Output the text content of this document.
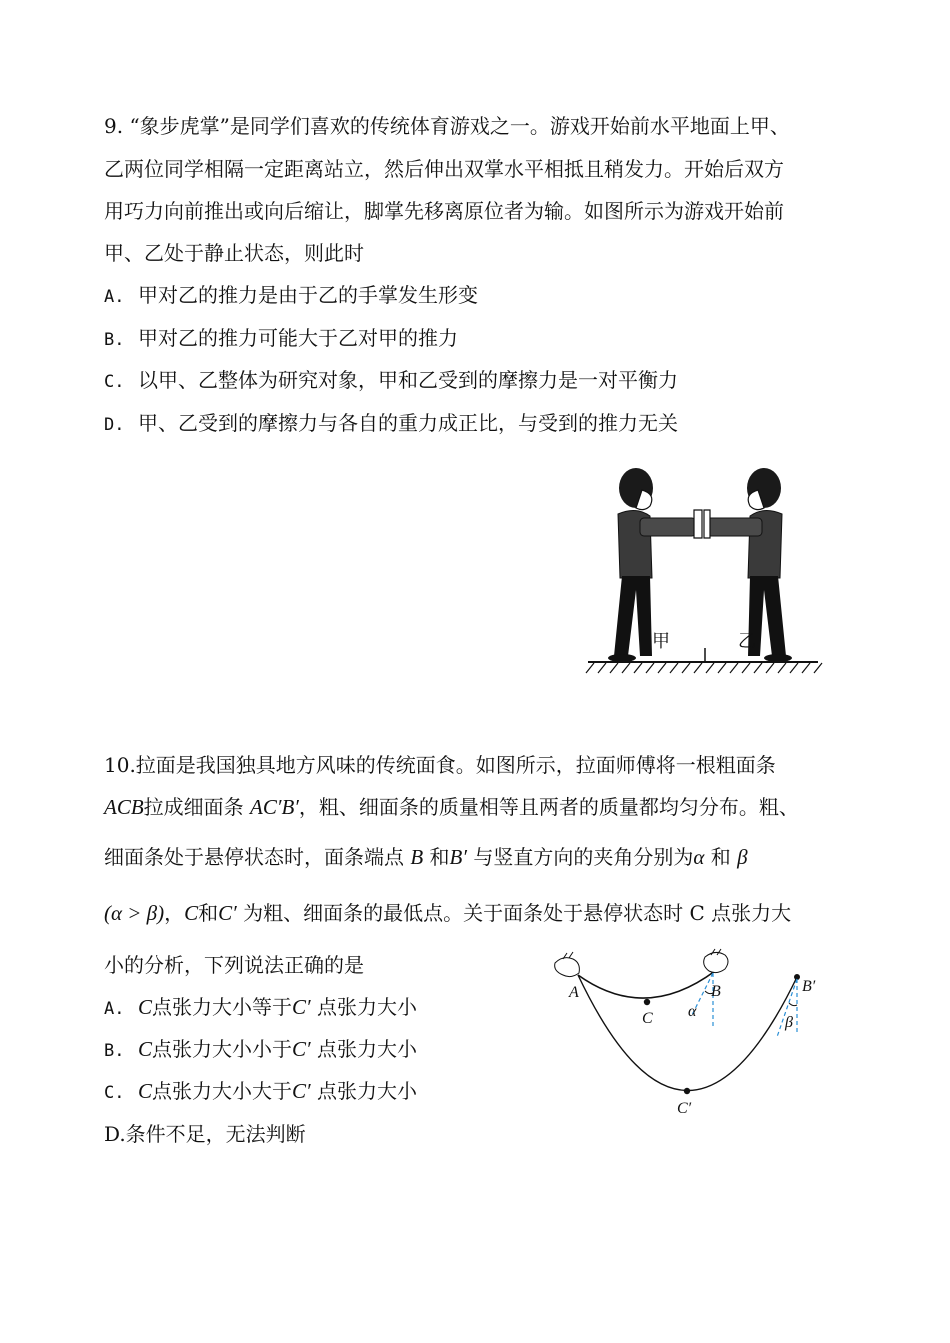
9. “象步虎掌”是同学们喜欢的传统体育游戏之一。游戏开始前水平地面上甲、
乙两位同学相隔一定距离站立，然后伸出双掌水平相抵且稍发力。开始后双方
用巧力向前推出或向后缩让，脚掌先移离原位者为输。如图所示为游戏开始前
甲、乙处于静止状态，则此时
A. 甲对乙的推力是由于乙的手掌发生形变
B. 甲对乙的推力可能大于乙对甲的推力
C. 以甲、乙整体为研究对象，甲和乙受到的摩擦力是一对平衡力
D. 甲、乙受到的摩擦力与各自的重力成正比，与受到的推力无关
甲	乙
10.拉面是我国独具地方风味的传统面食。如图所示，拉面师傅将一根粗面条
ACB拉成细面条 AC′B′，粗、细面条的质量相等且两者的质量都均匀分布。粗、
细面条处于悬停状态时，面条端点 B 和B′ 与竖直方向的夹角分别为α 和 β
(α > β)，C和C′ 为粗、细面条的最低点。关于面条处于悬停状态时 C 点张力大
小的分析，下列说法正确的是
A. C点张力大小等于C′ 点张力大小
B. C点张力大小小于C′ 点张力大小
C. C点张力大小大于C′ 点张力大小
D.条件不足，无法判断
A
C
B
α
B′
β
C′
